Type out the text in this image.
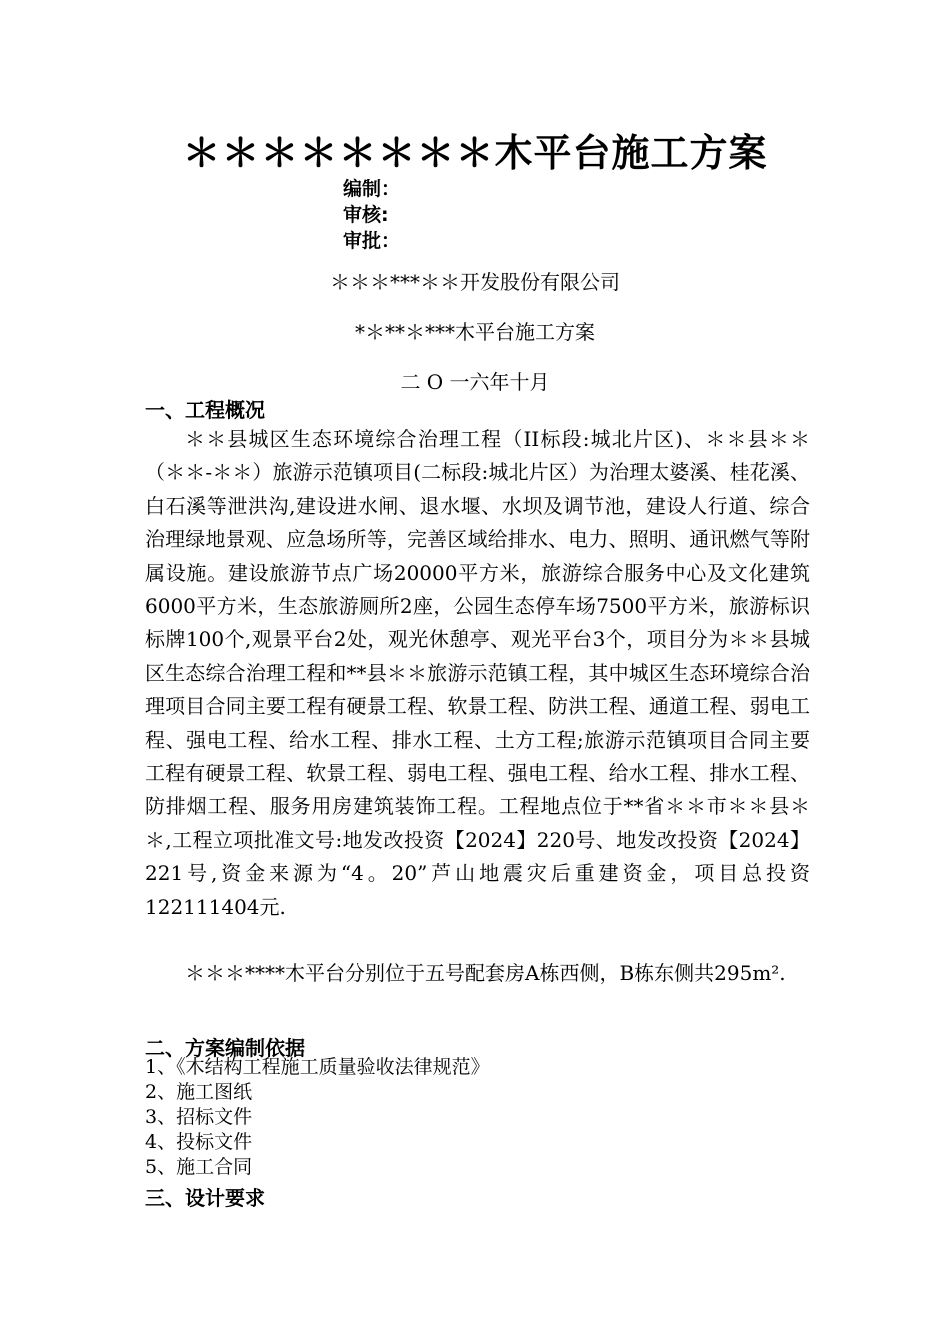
＊＊＊＊＊＊＊＊木平台施工方案
编制：
审核:
审批：
＊＊＊***＊＊开发股份有限公司
*＊**＊***木平台施工方案
二 O 一六年十月
一、工程概况

＊＊县城区生态环境综合治理工程（II标段:城北片区)、＊＊县＊＊（＊＊-＊＊）旅游示范镇项目(二标段:城北片区）为治理太婆溪、桂花溪、白石溪等泄洪沟,建设进水闸、退水堰、水坝及调节池，建设人行道、综合治理绿地景观、应急场所等，完善区域给排水、电力、照明、通讯燃气等附属设施。建设旅游节点广场20000平方米，旅游综合服务中心及文化建筑6000平方米，生态旅游厕所2座，公园生态停车场7500平方米，旅游标识标牌100个,观景平台2处，观光休憩亭、观光平台3个，项目分为＊＊县城区生态综合治理工程和**县＊＊旅游示范镇工程，其中城区生态环境综合治理项目合同主要工程有硬景工程、软景工程、防洪工程、通道工程、弱电工程、强电工程、给水工程、排水工程、土方工程;旅游示范镇项目合同主要工程有硬景工程、软景工程、弱电工程、强电工程、给水工程、排水工程、防排烟工程、服务用房建筑装饰工程。工程地点位于**省＊＊市＊＊县＊＊,工程立项批准文号:地发改投资【2024】220号、地发改投资【2024】221号,资金来源为“4。20”芦山地震灾后重建资金，项目总投资122111404元.

＊＊＊****木平台分别位于五号配套房A栋西侧，B栋东侧共295m².

二、方案编制依据
1、《木结构工程施工质量验收法律规范》
2、施工图纸
3、招标文件
4、投标文件
5、施工合同
三、设计要求
